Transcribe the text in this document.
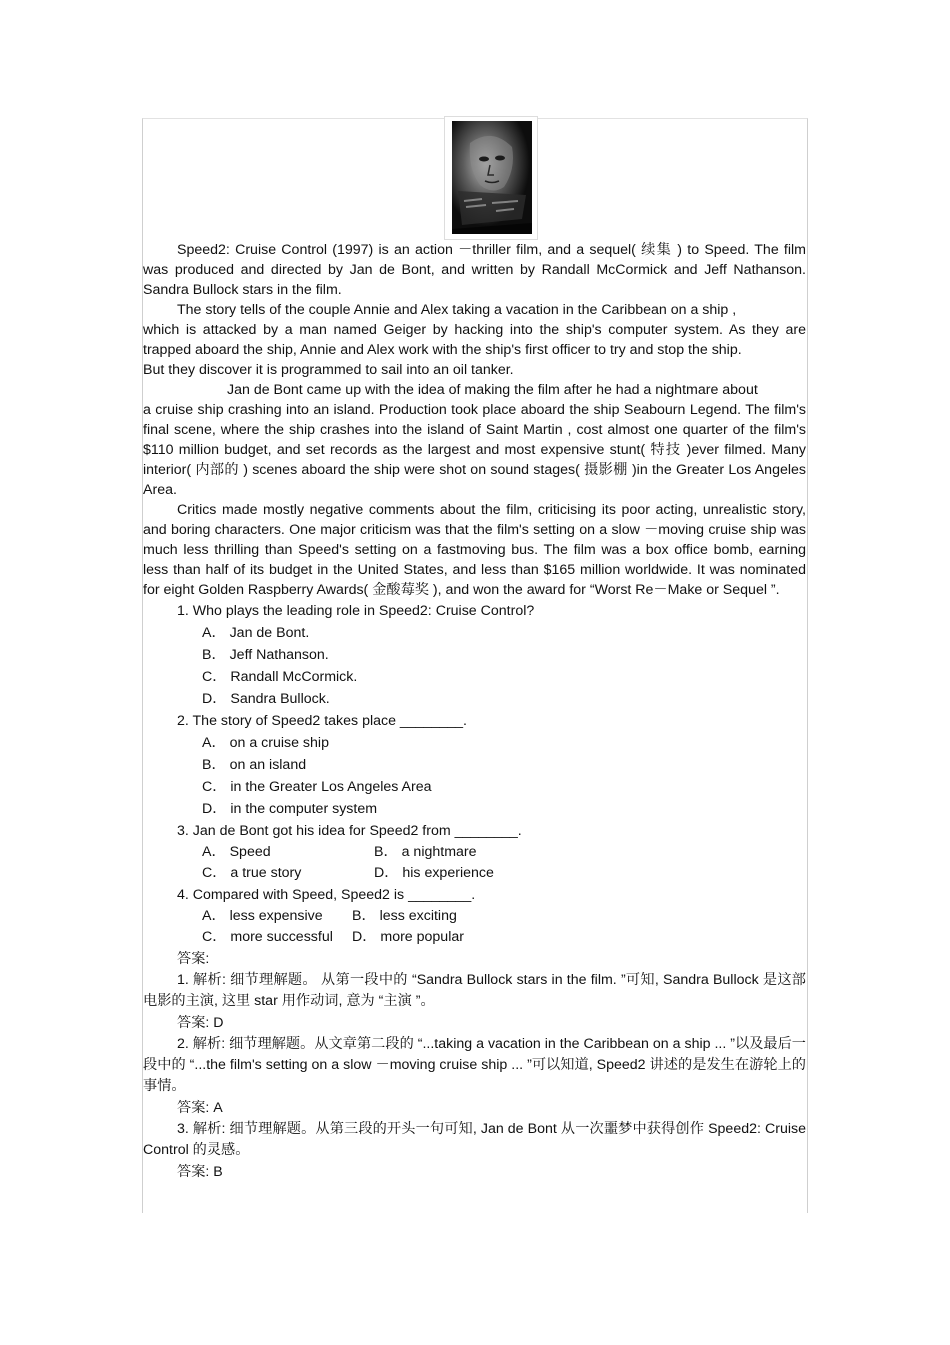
Speed2: Cruise Control (1997) is an action －thriller film, and a sequel( 续集 ) to Speed. The film was produced and directed by Jan de Bont, and written by Randall McCormick and Jeff Nathanson. Sandra Bullock stars in the film.

The story tells of the couple Annie and Alex taking a vacation in the Caribbean on a ship ,

which is attacked by a man named Geiger by hacking into the ship's computer system. As they are trapped aboard the ship, Annie and Alex work with the ship's first officer to try and stop the ship.

But they discover it is programmed to sail into an oil tanker.

Jan de Bont came up with the idea of making the film after he had a nightmare about

a cruise ship crashing into an island. Production took place aboard the ship Seabourn Legend. The film's final scene, where the ship crashes into the island of Saint Martin , cost almost one quarter of the film's $110 million budget, and set records as the largest and most expensive stunt( 特技 )ever filmed. Many interior( 内部的 ) scenes aboard the ship were shot on sound stages( 摄影棚 )in the Greater Los Angeles Area.

Critics made mostly negative comments about the film, criticising its poor acting, unrealistic story, and boring characters. One major criticism was that the film's setting on a slow －moving cruise ship was much less thrilling than Speed's setting on a fastmoving bus. The film was a box office bomb, earning less than half of its budget in the United States, and less than $165 million worldwide. It was nominated for eight Golden Raspberry Awards( 金酸莓奖 ), and won the award for “Worst Re－Make or Sequel ”.

1. Who plays the leading role in Speed2: Cruise Control?
A． Jan de Bont.
B． Jeff Nathanson.
C． Randall McCormick.
D． Sandra Bullock.
2. The story of Speed2 takes place ________.
A． on a cruise ship
B． on an island
C． in the Greater Los Angeles Area
D． in the computer system
3. Jan de Bont got his idea for Speed2 from ________.
A． Speed	B． a nightmare
C． a true story	D． his experience
4. Compared with Speed, Speed2 is ________.
A． less expensive	B． less exciting
C． more successful	D． more popular
答案:

1. 解析: 细节理解题。 从第一段中的 “Sandra Bullock stars in the film. ”可知, Sandra Bullock 是这部电影的主演, 这里 star 用作动词, 意为 “主演 ”。

答案: D

2. 解析: 细节理解题。从文章第二段的 “...taking a vacation in the Caribbean on a ship ... ”以及最后一段中的 “...the film's setting on a slow －moving cruise ship ... ”可以知道, Speed2 讲述的是发生在游轮上的事情。

答案: A

3. 解析: 细节理解题。从第三段的开头一句可知, Jan de Bont 从一次噩梦中获得创作 Speed2: Cruise Control 的灵感。

答案: B
